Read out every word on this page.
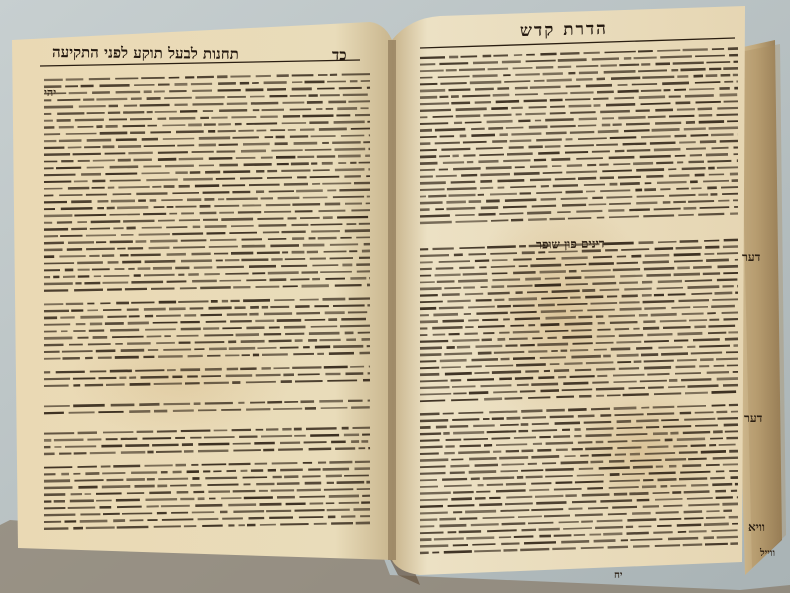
תחנות לבעל תוקע לפני התקיעה	כד
יהי
הדרת קדש
דינים פון שופר
דער
דער
וויא
ווייל
יח
